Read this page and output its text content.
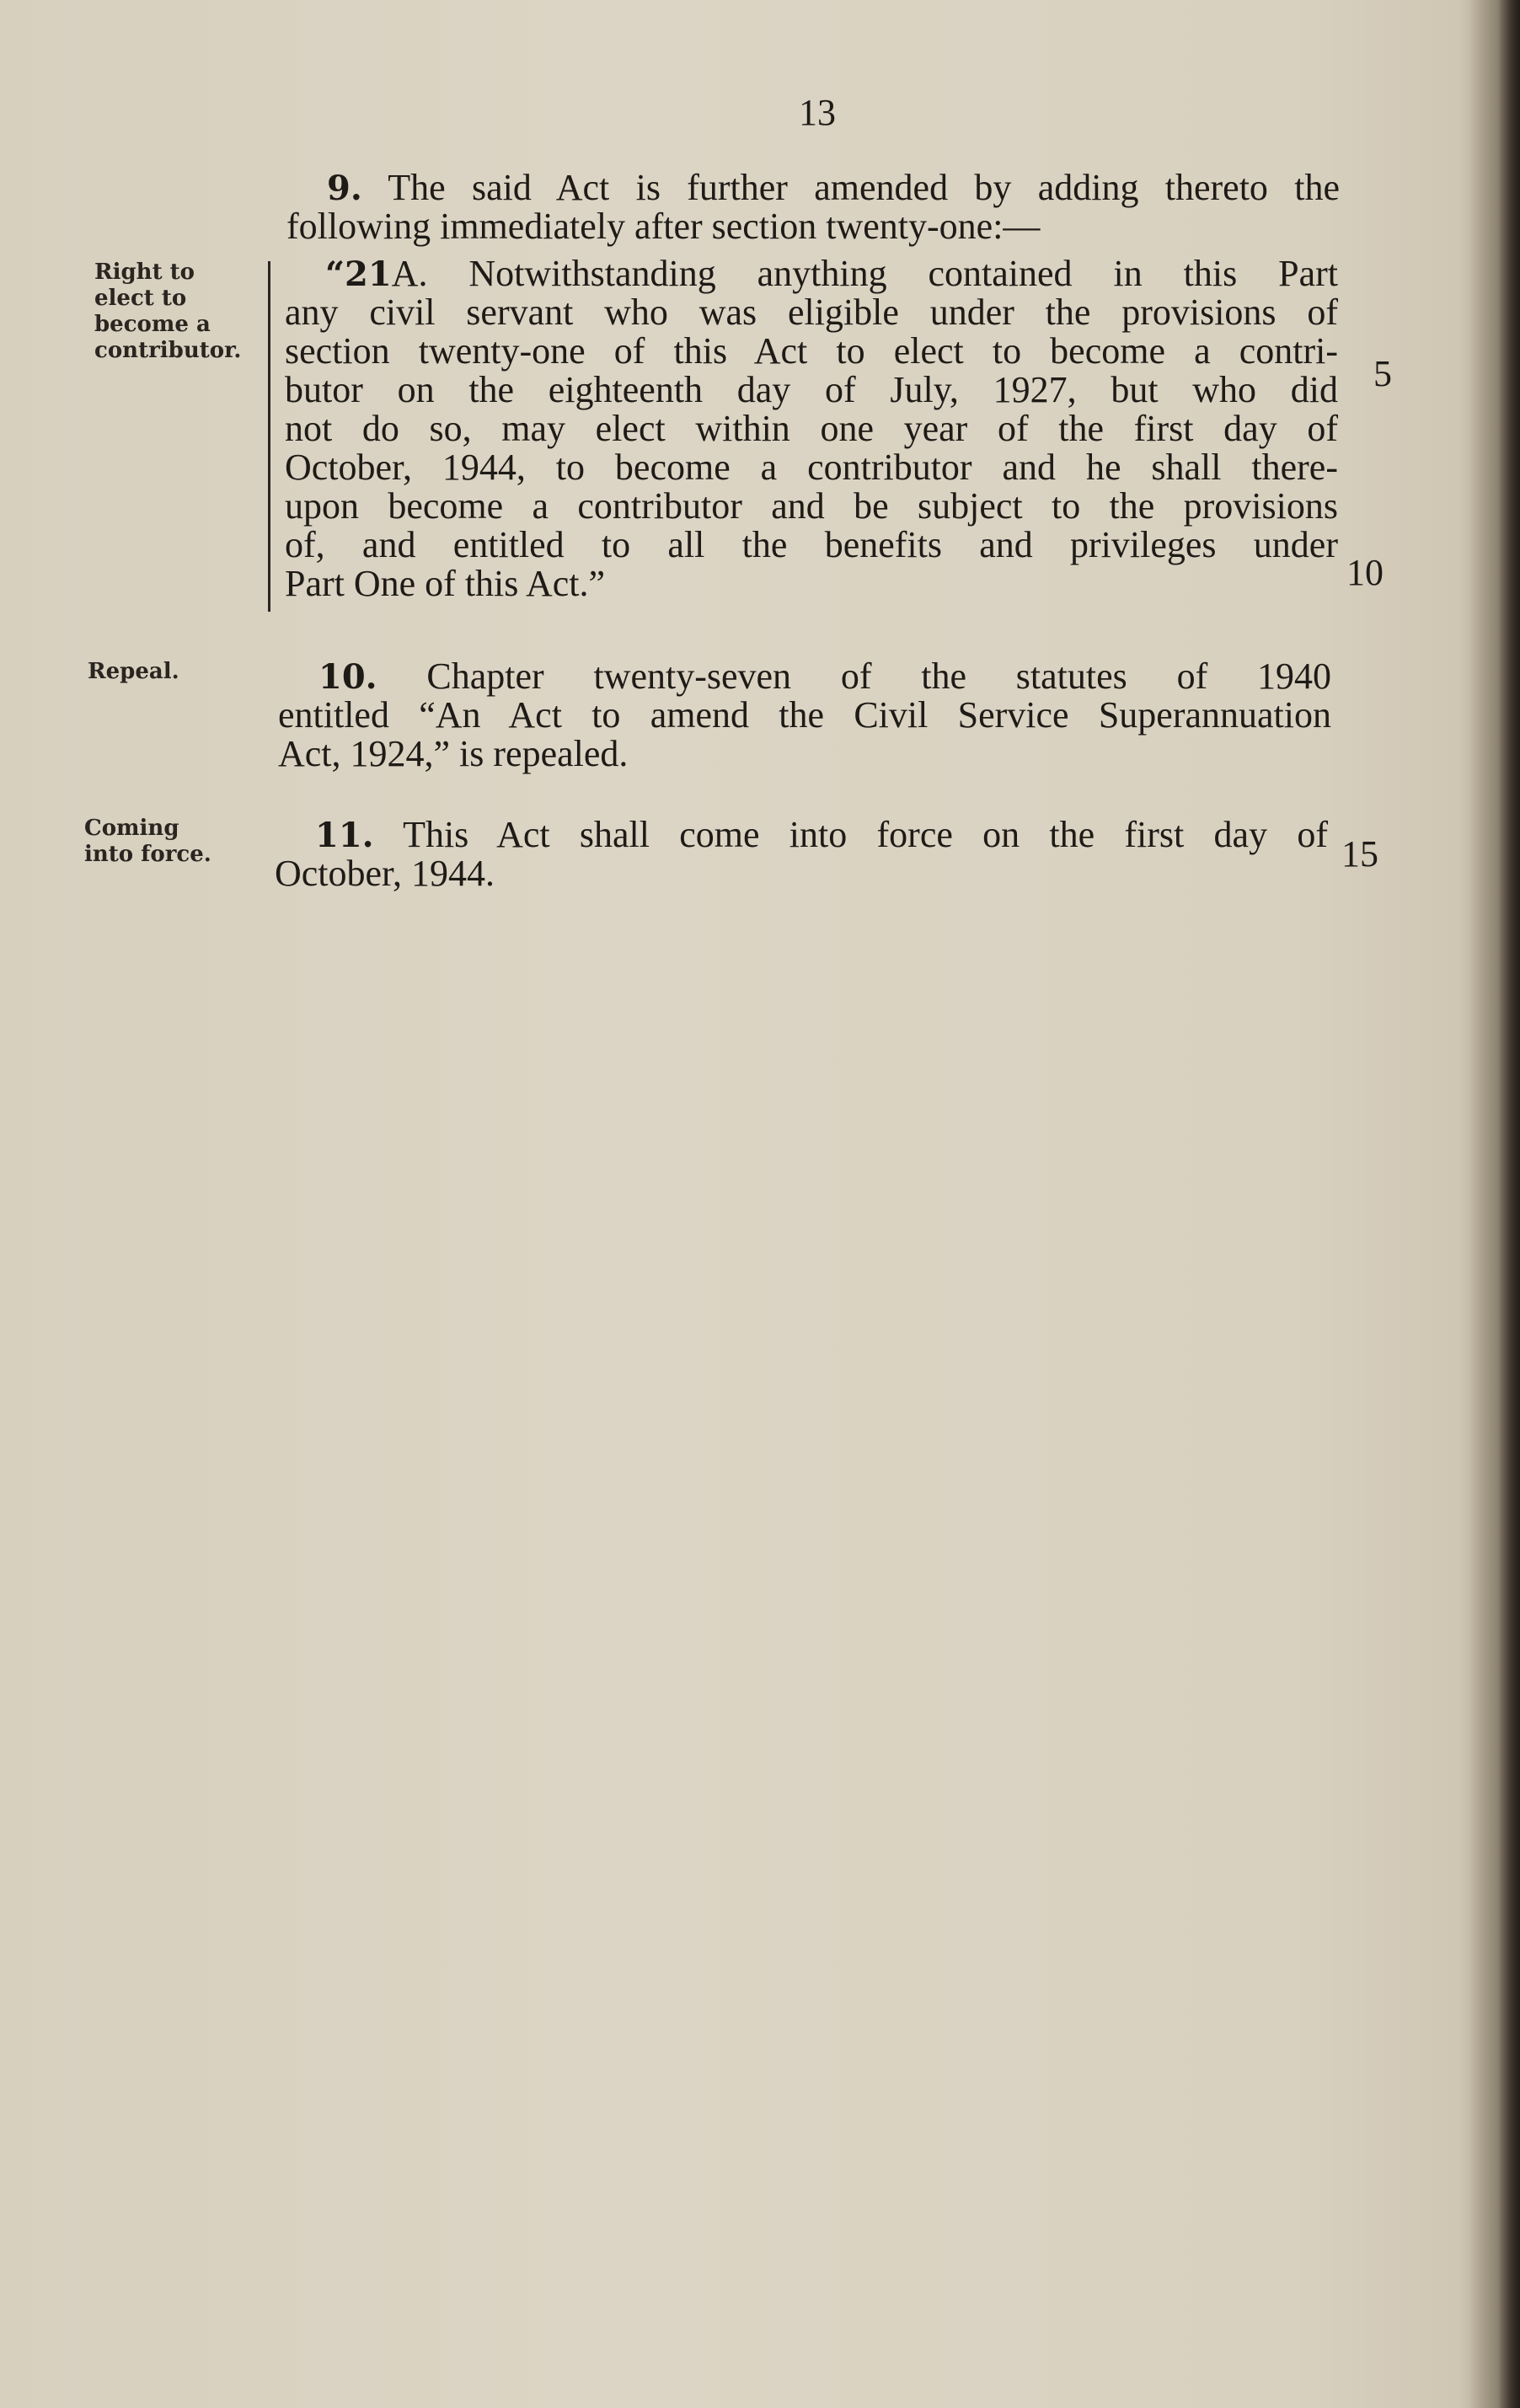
13
Right to
elect to
become a
contributor.
Repeal.
Coming
into force.
9. The said Act is further amended by adding thereto the
following immediately after section twenty-one:—
“21A. Notwithstanding anything contained in this Part
any civil servant who was eligible under the provisions of
section twenty-one of this Act to elect to become a contri-
butor on the eighteenth day of July, 1927, but who did
not do so, may elect within one year of the first day of
October, 1944, to become a contributor and he shall there-
upon become a contributor and be subject to the provisions
of, and entitled to all the benefits and privileges under
Part One of this Act.”
10. Chapter twenty-seven of the statutes of 1940
entitled “An Act to amend the Civil Service Superannuation
Act, 1924,” is repealed.
11. This Act shall come into force on the first day of
October, 1944.
5
10
15
